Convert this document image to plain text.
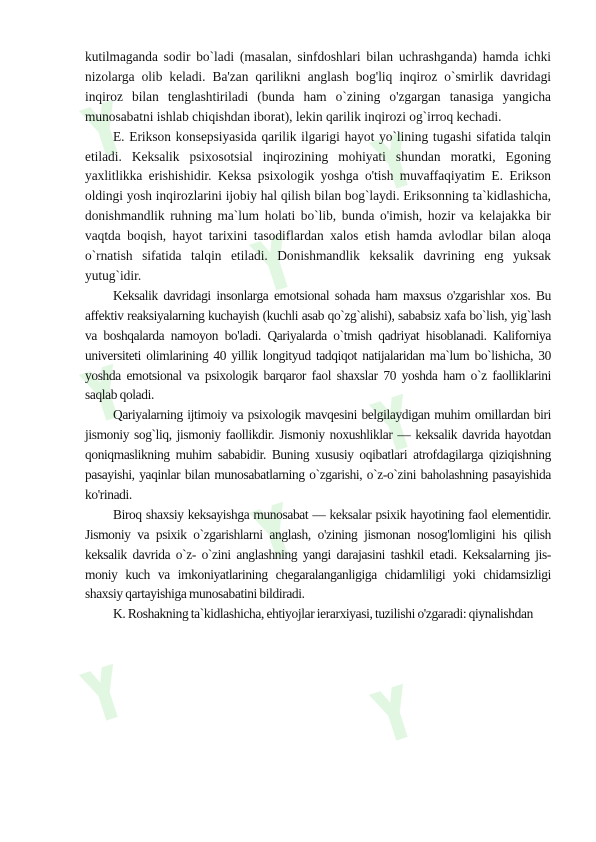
kutilmaganda sodir bo`ladi (masalan, sinfdoshlari bilan uchrashganda) hamda ichki nizolarga olib keladi. Ba'zan qarilikni anglash bog'liq inqiroz o`smirlik davridagi inqiroz bilan tenglashtiriladi (bunda ham o`zining o'zgargan tanasiga yangicha munosabatni ishlab chiqishdan iborat), lekin qarilik inqirozi og`irroq kechadi.

E. Erikson konsepsiyasida qarilik ilgarigi hayot yo`lining tugashi sifatida talqin etiladi. Keksalik psixosotsial inqirozining mohiyati shundan moratki, Egoning yaxlitlikka erishishidir. Keksa psixologik yoshga o'tish muvaffaqiyatim E. Erikson oldingi yosh inqirozlarini ijobiy hal qilish bilan bog`laydi. Eriksonning ta`kidlashicha, donishmandlik ruhning ma`lum holati bo`lib, bunda o'imish, hozir va kelajakka bir vaqtda boqish, hayot tarixini tasodiflardan xalos etish hamda avlodlar bilan aloqa o`rnatish sifatida talqin etiladi. Donishmandlik keksalik davrining eng yuksak yutug`idir.

Keksalik davridagi insonlarga emotsional sohada ham maxsus o'zgarishlar xos. Bu affektiv reaksiyalarning kuchayish (kuchli asab qo`zg`alishi), sababsiz xafa bo`lish, yig`lash va boshqalarda namoyon bo'ladi. Qariyalarda o`tmish qadriyat hisoblanadi. Kaliforniya universiteti olimlarining 40 yillik longityud tadqiqot natijalaridan ma`lum bo`lishicha, 30 yoshda emotsional va psixologik barqaror faol shaxslar 70 yoshda ham o`z faolliklarini saqlab qoladi.

Qariyalarning ijtimoiy va psixologik mavqesini belgilaydigan muhim omillardan biri jismoniy sog`liq, jismoniy faollikdir. Jismoniy noxushliklar — keksalik davrida hayotdan qoniqmaslikning muhim sababidir. Buning xususiy oqibatlari atrofdagilarga qiziqishning pasayishi, yaqinlar bilan munosabatlarning o`zgarishi, o`z-o`zini baholashning pasayishida ko'rinadi.

Biroq shaxsiy keksayishga munosabat — keksalar psixik hayotining faol elementidir. Jismoniy va psixik o`zgarishlarni anglash, o'zining jismonan nosog'lomligini his qilish keksalik davrida o`z- o`zini anglashning yangi darajasini tashkil etadi. Keksalarning jis-moniy kuch va imkoniyatlarining chegaralanganligiga chidamliligi yoki chidamsizligi shaxsiy qartayishiga munosabatini bildiradi.

K. Roshakning ta`kidlashicha, ehtiyojlar ierarxiyasi, tuzilishi o'zgaradi: qiynalishdan
